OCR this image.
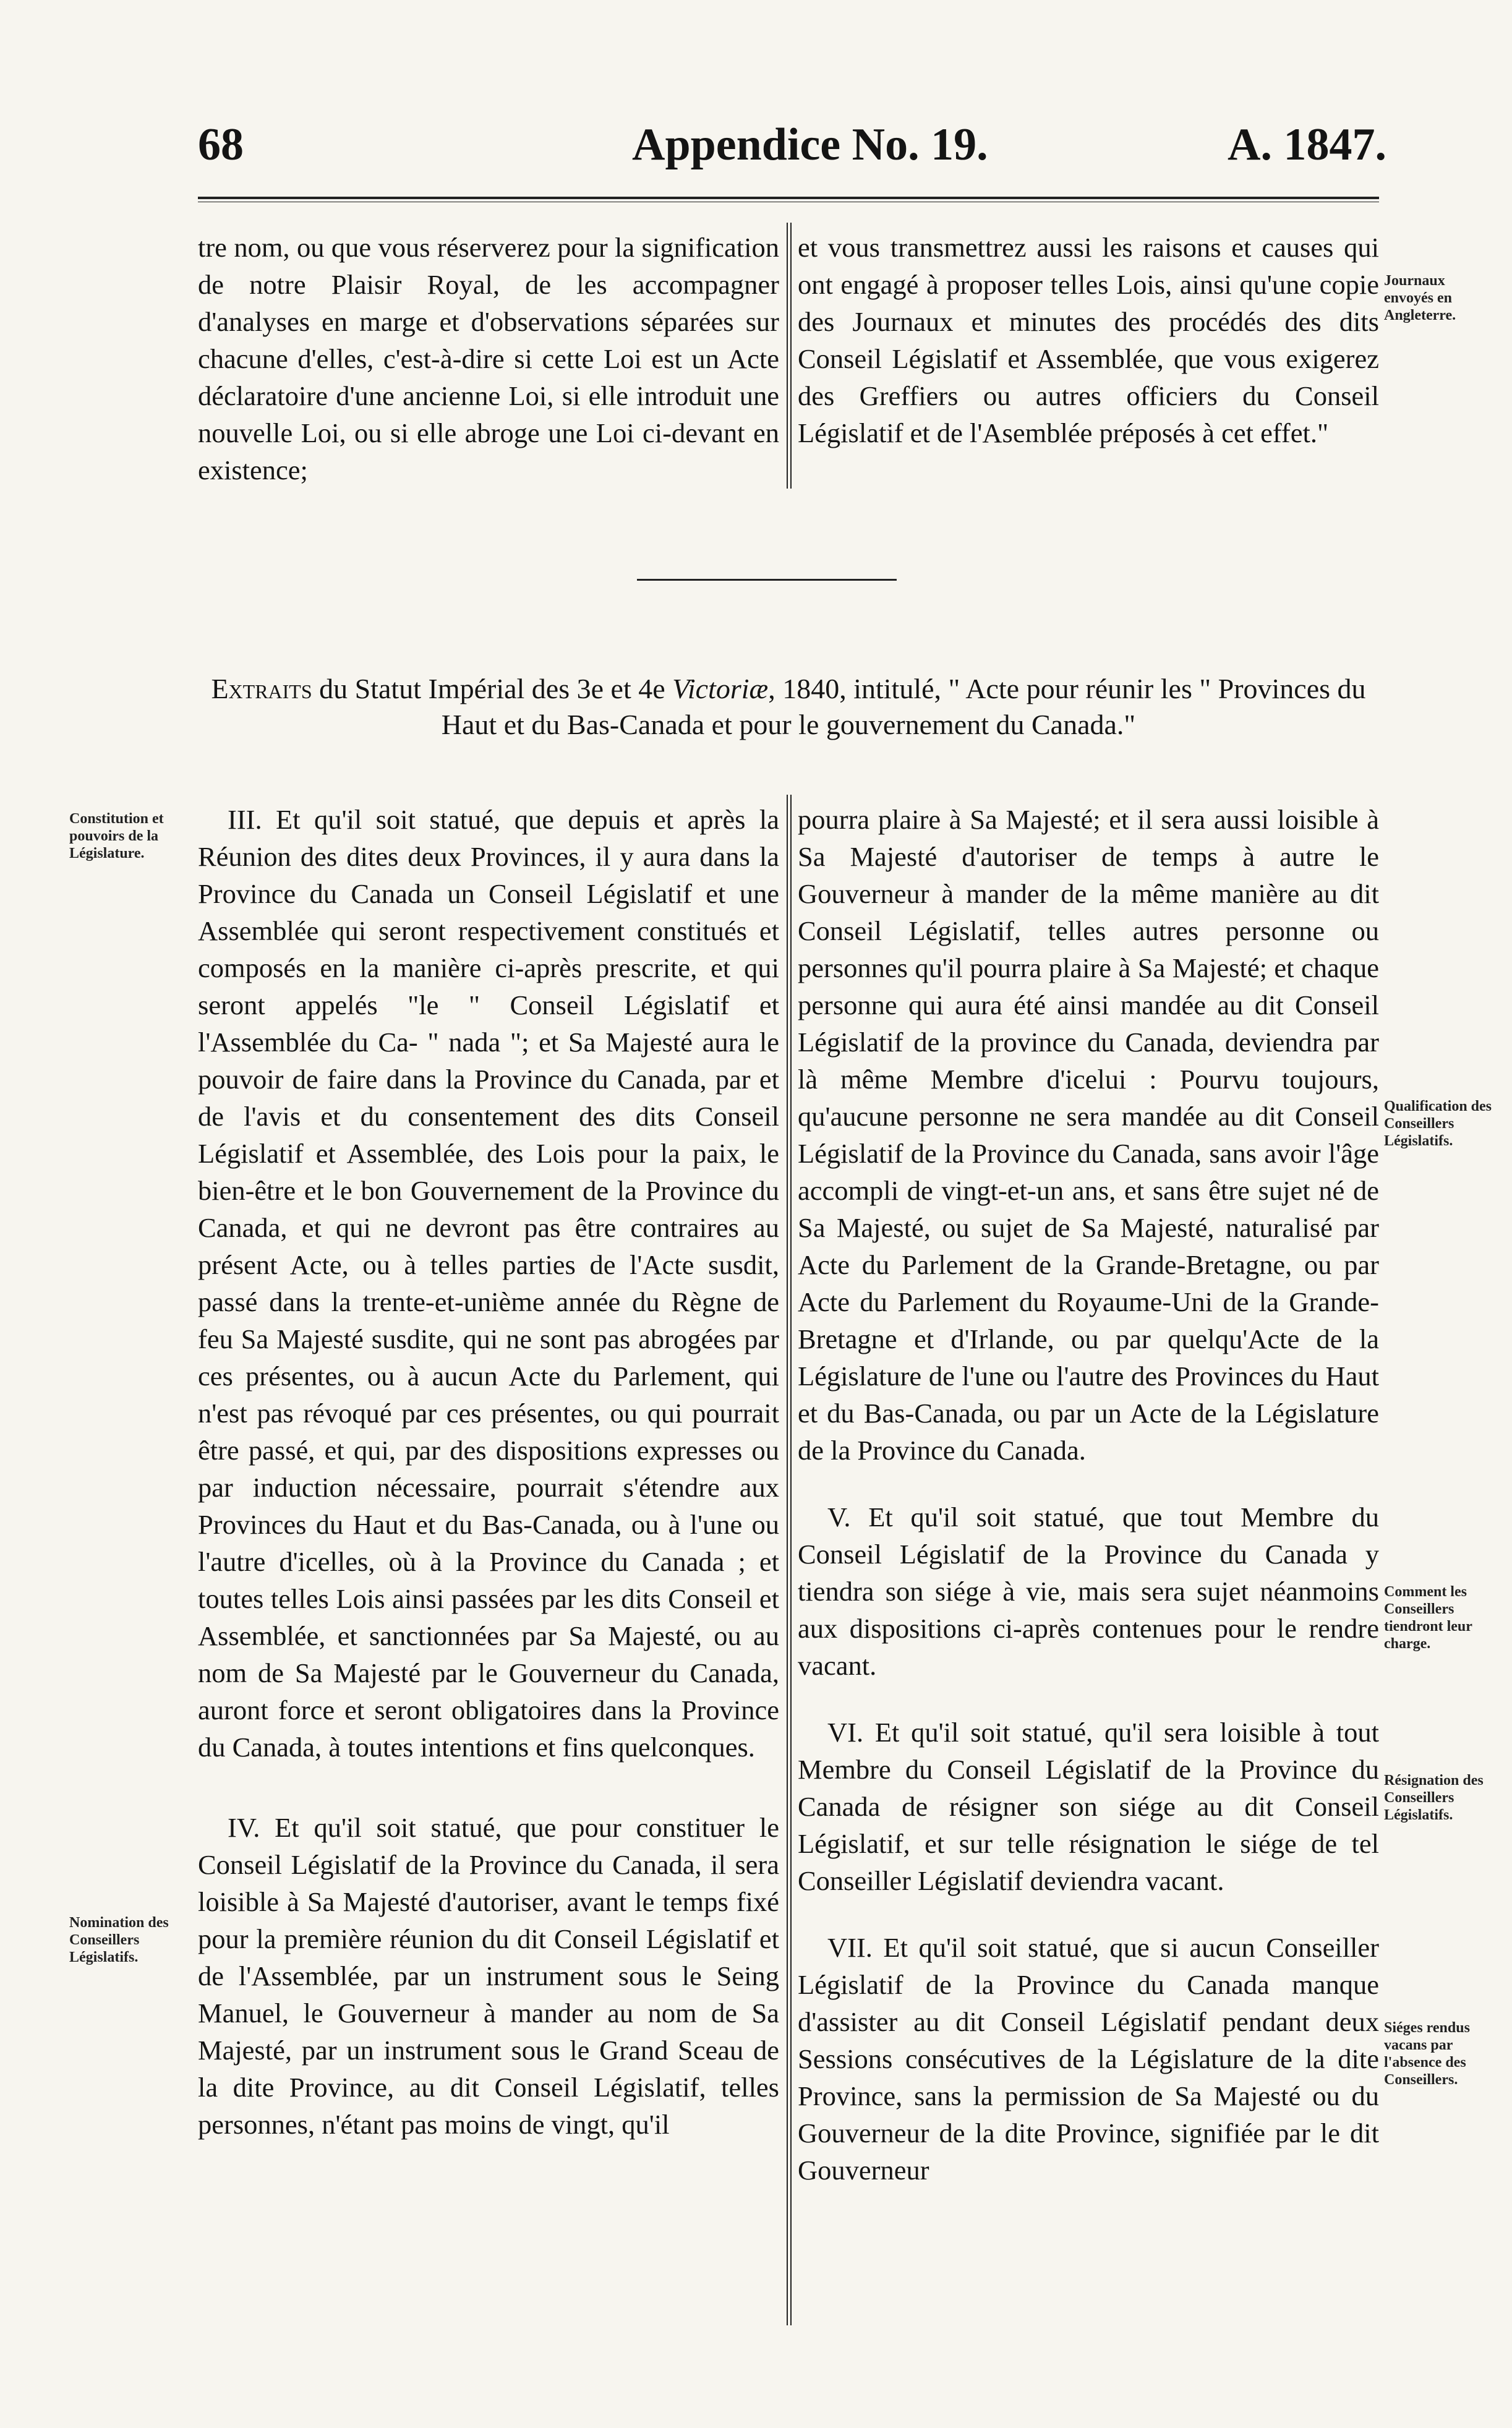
68	Appendice No. 19.	A. 1847.

tre nom, ou que vous réserverez pour la signification de notre Plaisir Royal, de les accompagner d'analyses en marge et d'observations séparées sur chacune d'elles, c'est-à-dire si cette Loi est un Acte déclaratoire d'une ancienne Loi, si elle introduit une nouvelle Loi, ou si elle abroge une Loi ci-devant en existence;

et vous transmettrez aussi les raisons et causes qui ont engagé à proposer telles Lois, ainsi qu'une copie des Journaux et minutes des procédés des dits Conseil Législatif et Assemblée, que vous exigerez des Greffiers ou autres officiers du Conseil Législatif et de l'Asemblée préposés à cet effet."

Journaux envoyés en Angleterre.
Extraits du Statut Impérial des 3e et 4e Victoriæ, 1840, intitulé, " Acte pour réunir les " Provinces du Haut et du Bas-Canada et pour le gouvernement du Canada."

III. Et qu'il soit statué, que depuis et après la Réunion des dites deux Provinces, il y aura dans la Province du Canada un Conseil Législatif et une Assemblée qui seront respectivement constitués et composés en la manière ci-après prescrite, et qui seront appelés "le " Conseil Législatif et l'Assemblée du Ca- " nada "; et Sa Majesté aura le pouvoir de faire dans la Province du Canada, par et de l'avis et du consentement des dits Conseil Législatif et Assemblée, des Lois pour la paix, le bien-être et le bon Gouvernement de la Province du Canada, et qui ne devront pas être contraires au présent Acte, ou à telles parties de l'Acte susdit, passé dans la trente-et-unième année du Règne de feu Sa Majesté susdite, qui ne sont pas abrogées par ces présentes, ou à aucun Acte du Parlement, qui n'est pas révoqué par ces présentes, ou qui pourrait être passé, et qui, par des dispositions expresses ou par induction nécessaire, pourrait s'étendre aux Provinces du Haut et du Bas-Canada, ou à l'une ou l'autre d'icelles, où à la Province du Canada ; et toutes telles Lois ainsi passées par les dits Conseil et Assemblée, et sanctionnées par Sa Majesté, ou au nom de Sa Majesté par le Gouverneur du Canada, auront force et seront obligatoires dans la Province du Canada, à toutes intentions et fins quelconques.

IV. Et qu'il soit statué, que pour constituer le Conseil Législatif de la Province du Canada, il sera loisible à Sa Majesté d'autoriser, avant le temps fixé pour la première réunion du dit Conseil Législatif et de l'Assemblée, par un instrument sous le Seing Manuel, le Gouverneur à mander au nom de Sa Majesté, par un instrument sous le Grand Sceau de la dite Province, au dit Conseil Législatif, telles personnes, n'étant pas moins de vingt, qu'il

pourra plaire à Sa Majesté; et il sera aussi loisible à Sa Majesté d'autoriser de temps à autre le Gouverneur à mander de la même manière au dit Conseil Législatif, telles autres personne ou personnes qu'il pourra plaire à Sa Majesté; et chaque personne qui aura été ainsi mandée au dit Conseil Législatif de la province du Canada, deviendra par là même Membre d'icelui : Pourvu toujours, qu'aucune personne ne sera mandée au dit Conseil Législatif de la Province du Canada, sans avoir l'âge accompli de vingt-et-un ans, et sans être sujet né de Sa Majesté, ou sujet de Sa Majesté, naturalisé par Acte du Parlement de la Grande-Bretagne, ou par Acte du Parlement du Royaume-Uni de la Grande-Bretagne et d'Irlande, ou par quelqu'Acte de la Législature de l'une ou l'autre des Provinces du Haut et du Bas-Canada, ou par un Acte de la Législature de la Province du Canada.

V. Et qu'il soit statué, que tout Membre du Conseil Législatif de la Province du Canada y tiendra son siége à vie, mais sera sujet néanmoins aux dispositions ci-après contenues pour le rendre vacant.

VI. Et qu'il soit statué, qu'il sera loisible à tout Membre du Conseil Législatif de la Province du Canada de résigner son siége au dit Conseil Législatif, et sur telle résignation le siége de tel Conseiller Législatif deviendra vacant.

VII. Et qu'il soit statué, que si aucun Conseiller Législatif de la Province du Canada manque d'assister au dit Conseil Législatif pendant deux Sessions consécutives de la Législature de la dite Province, sans la permission de Sa Majesté ou du Gouverneur de la dite Province, signifiée par le dit Gouverneur

Constitution et pouvoirs de la Législature.
Nomination des Conseillers Législatifs.
Qualification des Conseillers Législatifs.
Comment les Conseillers tiendront leur charge.
Résignation des Conseillers Législatifs.
Siéges rendus vacans par l'absence des Conseillers.
